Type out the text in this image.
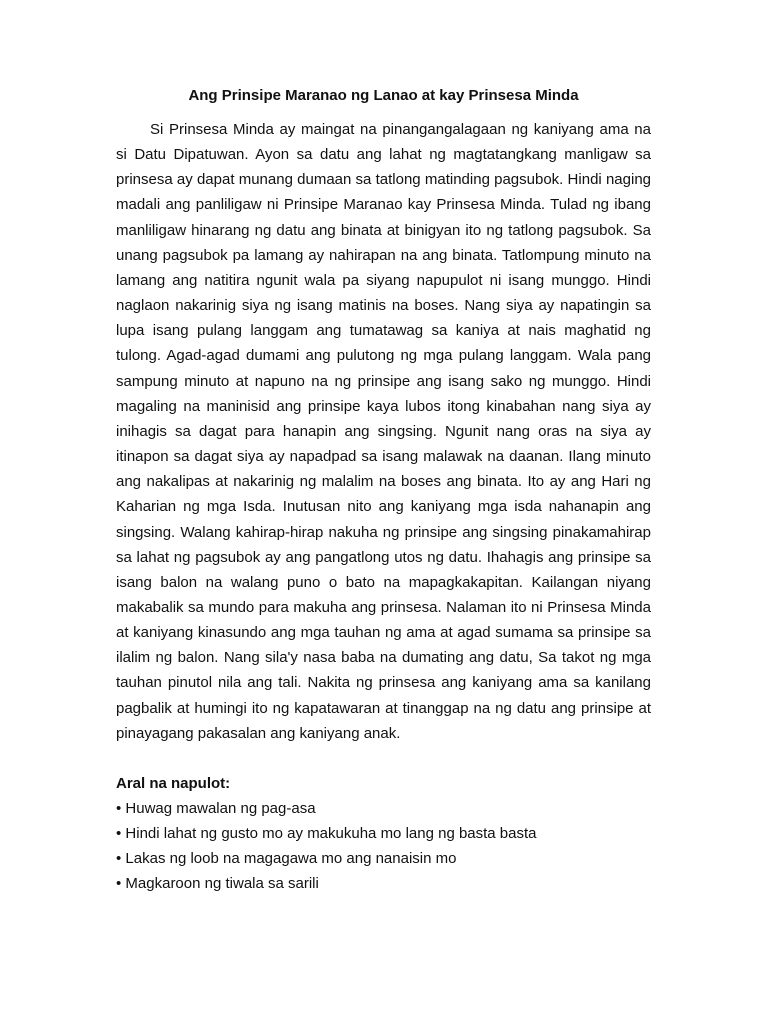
Ang Prinsipe Maranao ng Lanao at kay Prinsesa Minda

Si Prinsesa Minda ay maingat na pinangangalagaan ng kaniyang ama na si Datu Dipatuwan. Ayon sa datu ang lahat ng magtatangkang manligaw sa prinsesa ay dapat munang dumaan sa tatlong matinding pagsubok. Hindi naging madali ang panliligaw ni Prinsipe Maranao kay Prinsesa Minda. Tulad ng ibang manliligaw hinarang ng datu ang binata at binigyan ito ng tatlong pagsubok. Sa unang pagsubok pa lamang ay nahirapan na ang binata. Tatlompung minuto na lamang ang natitira ngunit wala pa siyang napupulot ni isang munggo. Hindi naglaon nakarinig siya ng isang matinis na boses. Nang siya ay napatingin sa lupa isang pulang langgam ang tumatawag sa kaniya at nais maghatid ng tulong. Agad-agad dumami ang pulutong ng mga pulang langgam. Wala pang sampung minuto at napuno na ng prinsipe ang isang sako ng munggo. Hindi magaling na maninisid ang prinsipe kaya lubos itong kinabahan nang siya ay inihagis sa dagat para hanapin ang singsing. Ngunit nang oras na siya ay itinapon sa dagat siya ay napadpad sa isang malawak na daanan. Ilang minuto ang nakalipas at nakarinig ng malalim na boses ang binata. Ito ay ang Hari ng Kaharian ng mga Isda. Inutusan nito ang kaniyang mga isda nahanapin ang singsing. Walang kahirap-hirap nakuha ng prinsipe ang singsing pinakamahirap sa lahat ng pagsubok ay ang pangatlong utos ng datu. Ihahagis ang prinsipe sa isang balon na walang puno o bato na mapagkakapitan. Kailangan niyang makabalik sa mundo para makuha ang prinsesa. Nalaman ito ni Prinsesa Minda at kaniyang kinasundo ang mga tauhan ng ama at agad sumama sa prinsipe sa ilalim ng balon. Nang sila'y nasa baba na dumating ang datu, Sa takot ng mga tauhan pinutol nila ang tali. Nakita ng prinsesa ang kaniyang ama sa kanilang pagbalik at humingi ito ng kapatawaran at tinanggap na ng datu ang prinsipe at pinayagang pakasalan ang kaniyang anak.

Aral na napulot:
• Huwag mawalan ng pag-asa
• Hindi lahat ng gusto mo ay makukuha mo lang ng basta basta
• Lakas ng loob na magagawa mo ang nanaisin mo
• Magkaroon ng tiwala sa sarili
